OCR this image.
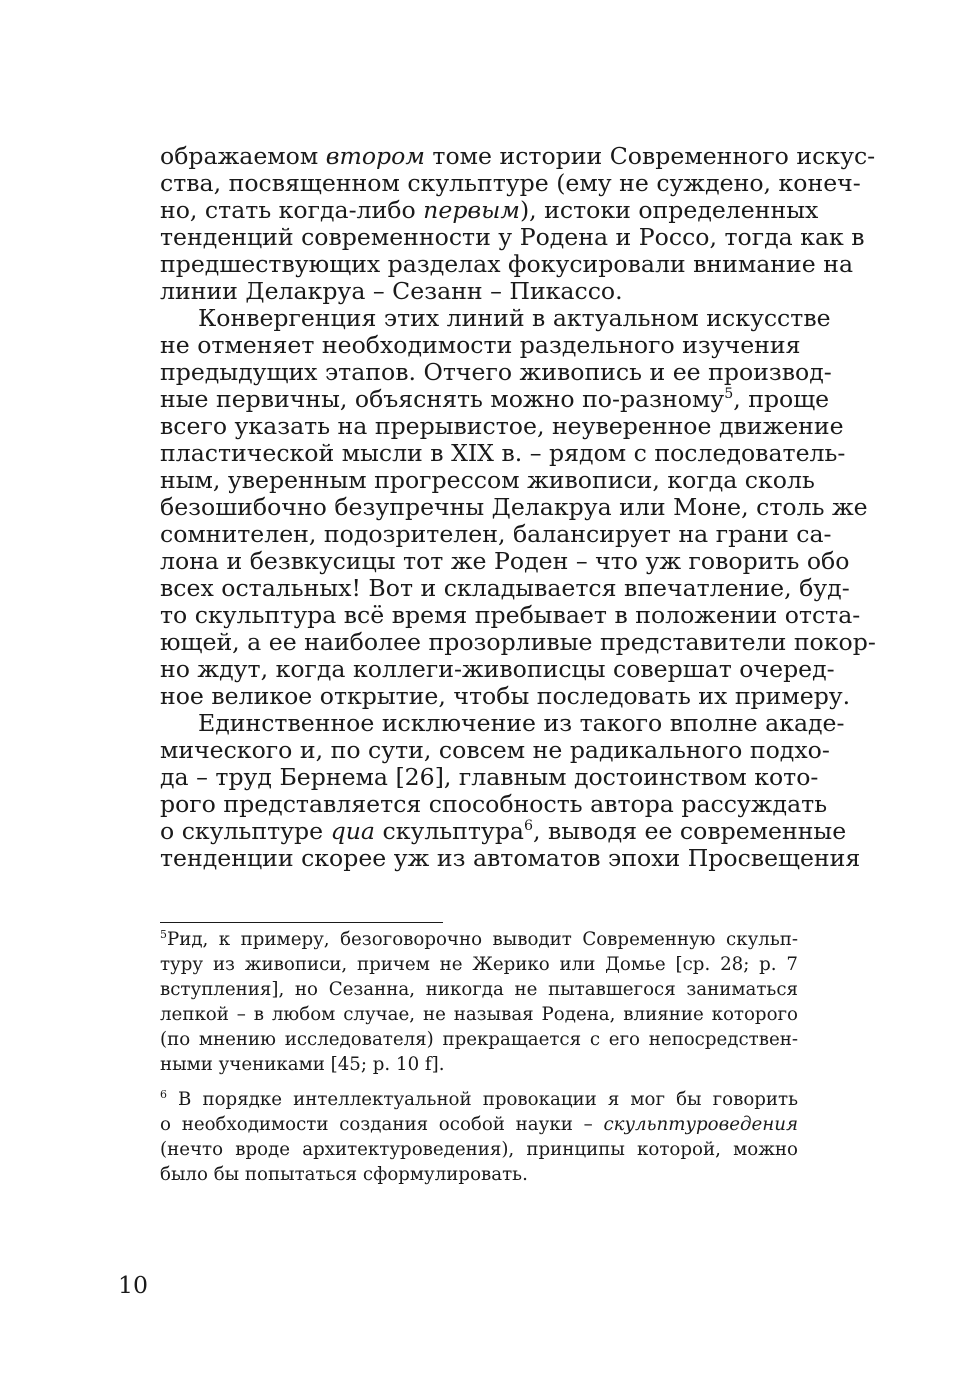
ображаемом втором томе истории Современного искус-
ства, посвященном скульптуре (ему не суждено, конеч-
но, стать когда-либо первым), истоки определенных
тенденций современности у Родена и Россо, тогда как в
предшествующих разделах фокусировали внимание на
линии Делакруа – Сезанн – Пикассо.
Конвергенция этих линий в актуальном искусстве
не отменяет необходимости раздельного изучения
предыдущих этапов. Отчего живопись и ее производ-
ные первичны, объяснять можно по-разному$^5$, проще
всего указать на прерывистое, неуверенное движение
пластической мысли в XIX в. – рядом с последователь-
ным, уверенным прогрессом живописи, когда сколь
безошибочно безупречны Делакруа или Моне, столь же
сомнителен, подозрителен, балансирует на грани са-
лона и безвкусицы тот же Роден – что уж говорить обо
всех остальных! Вот и складывается впечатление, буд-
то скульптура всё время пребывает в положении отста-
ющей, а ее наиболее прозорливые представители покор-
но ждут, когда коллеги-живописцы совершат очеред-
ное великое открытие, чтобы последовать их примеру.
Единственное исключение из такого вполне акаде-
мического и, по сути, совсем не радикального подхо-
да – труд Бернема [26], главным достоинством кото-
рого представляется способность автора рассуждать
о скульптуре qua скульптура$^6$, выводя ее современные
тенденции скорее уж из автоматов эпохи Просвещения
$^5$Рид, к примеру, безоговорочно выводит Современную скульп-
туру из живописи, причем не Жерико или Домье [ср. 28; р. 7
вступления], но Сезанна, никогда не пытавшегося заниматься
лепкой – в любом случае, не называя Родена, влияние которого
(по мнению исследователя) прекращается с его непосредствен-
ными учениками [45; р. 10 f].
$^6$ В порядке интеллектуальной провокации я мог бы говорить
о необходимости создания особой науки – скульптуроведения
(нечто вроде архитектуроведения), принципы которой, можно
было бы попытаться сформулировать.
10
